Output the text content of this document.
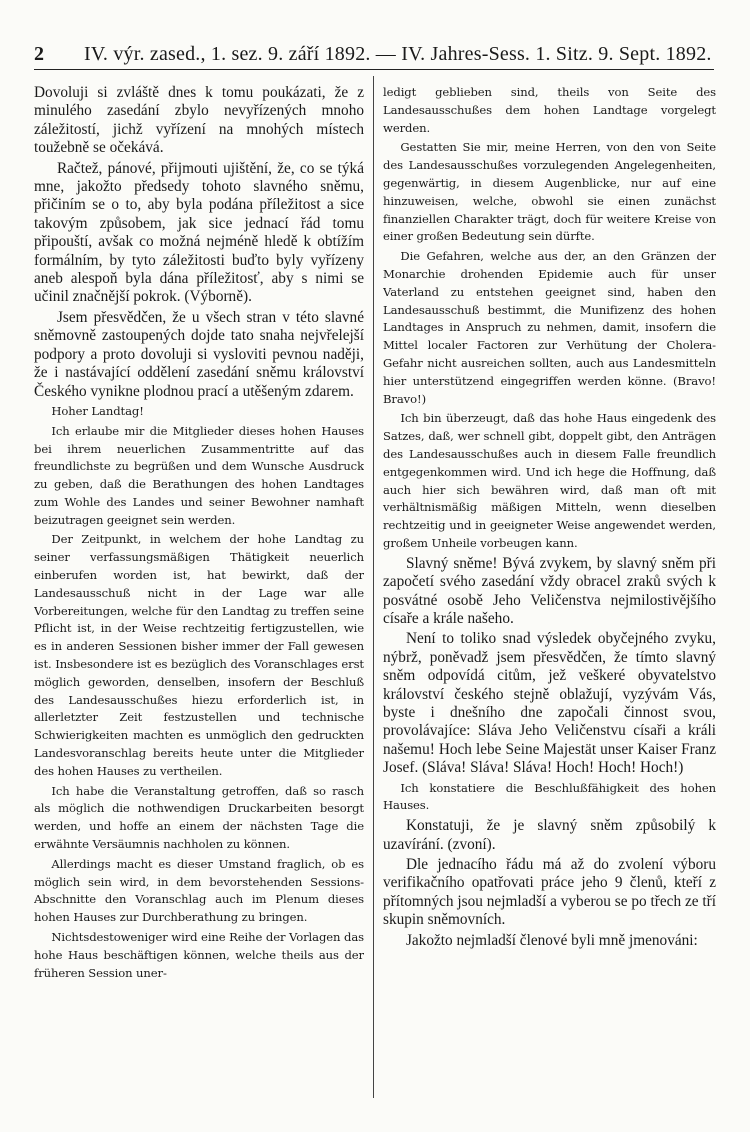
2 IV. výr. zased., 1. sez. 9. září 1892. — IV. Jahres-Sess. 1. Sitz. 9. Sept. 1892.

Dovoluji si zvláště dnes k tomu poukázati, že z minulého zasedání zbylo nevyřízených mnoho záležitostí, jichž vyřízení na mnohých místech toužebně se očekává.

Račtež, pánové, přijmouti ujištění, že, co se týká mne, jakožto předsedy tohoto slavného sněmu, přičiním se o to, aby byla podána příležitost a sice takovým způsobem, jak sice jednací řád tomu připouští, avšak co možná nejméně hledě k obtížím formálním, by tyto záležitosti buďto byly vyřízeny aneb alespoň byla dána příležitosť, aby s nimi se učinil značnější pokrok. (Výborně).

Jsem přesvědčen, že u všech stran v této slavné sněmovně zastoupených dojde tato snaha nejvřelejší podpory a proto dovoluji si vysloviti pevnou naději, že i nastávající oddělení zasedání sněmu království Českého vynikne plodnou prací a utěšeným zdarem.

Hoher Landtag!

Ich erlaube mir die Mitglieder dieses hohen Hauses bei ihrem neuerlichen Zusammentritte auf das freundlichste zu begrüßen und dem Wunsche Ausdruck zu geben, daß die Berathungen des hohen Landtages zum Wohle des Landes und seiner Bewohner namhaft beizutragen geeignet sein werden.

Der Zeitpunkt, in welchem der hohe Landtag zu seiner verfassungsmäßigen Thätigkeit neuerlich einberufen worden ist, hat bewirkt, daß der Landesausschuß nicht in der Lage war alle Vorbereitungen, welche für den Landtag zu treffen seine Pflicht ist, in der Weise rechtzeitig fertigzustellen, wie es in anderen Sessionen bisher immer der Fall gewesen ist. Insbesondere ist es bezüglich des Voranschlages erst möglich geworden, denselben, insofern der Beschluß des Landesausschußes hiezu erforderlich ist, in allerletzter Zeit festzustellen und technische Schwierigkeiten machten es unmöglich den gedruckten Landesvoranschlag bereits heute unter die Mitglieder des hohen Hauses zu vertheilen.

Ich habe die Veranstaltung getroffen, daß so rasch als möglich die nothwendigen Druckarbeiten besorgt werden, und hoffe an einem der nächsten Tage die erwähnte Versäumnis nachholen zu können.

Allerdings macht es dieser Umstand fraglich, ob es möglich sein wird, in dem bevorstehenden Sessions-Abschnitte den Voranschlag auch im Plenum dieses hohen Hauses zur Durchberathung zu bringen.

Nichtsdestoweniger wird eine Reihe der Vorlagen das hohe Haus beschäftigen können, welche theils aus der früheren Session uner-

ledigt geblieben sind, theils von Seite des Landesausschußes dem hohen Landtage vorgelegt werden.

Gestatten Sie mir, meine Herren, von den von Seite des Landesausschußes vorzulegenden Angelegenheiten, gegenwärtig, in diesem Augenblicke, nur auf eine hinzuweisen, welche, obwohl sie einen zunächst finanziellen Charakter trägt, doch für weitere Kreise von einer großen Bedeutung sein dürfte.

Die Gefahren, welche aus der, an den Gränzen der Monarchie drohenden Epidemie auch für unser Vaterland zu entstehen geeignet sind, haben den Landesausschuß bestimmt, die Munifizenz des hohen Landtages in Anspruch zu nehmen, damit, insofern die Mittel localer Factoren zur Verhütung der Cholera-Gefahr nicht ausreichen sollten, auch aus Landesmitteln hier unterstützend eingegriffen werden könne. (Bravo! Bravo!)

Ich bin überzeugt, daß das hohe Haus eingedenk des Satzes, daß, wer schnell gibt, doppelt gibt, den Anträgen des Landesausschußes auch in diesem Falle freundlich entgegenkommen wird. Und ich hege die Hoffnung, daß auch hier sich bewähren wird, daß man oft mit verhältnismäßig mäßigen Mitteln, wenn dieselben rechtzeitig und in geeigneter Weise angewendet werden, großem Unheile vorbeugen kann.

Slavný sněme! Bývá zvykem, by slavný sněm při započetí svého zasedání vždy obracel zraků svých k posvátné osobě Jeho Veličenstva nejmilostivějšího císaře a krále našeho.

Není to toliko snad výsledek obyčejného zvyku, nýbrž, poněvadž jsem přesvědčen, že tímto slavný sněm odpovídá citům, jež veškeré obyvatelstvo království českého stejně oblažují, vyzývám Vás, byste i dnešního dne započali činnost svou, provolávajíce: Sláva Jeho Veličenstvu císaři a králi našemu! Hoch lebe Seine Majestät unser Kaiser Franz Josef. (Sláva! Sláva! Sláva! Hoch! Hoch! Hoch!)

Ich konstatiere die Beschlußfähigkeit des hohen Hauses.

Konstatuji, že je slavný sněm způsobilý k uzavírání. (zvoní).

Dle jednacího řádu má až do zvolení výboru verifikačního opatřovati práce jeho 9 členů, kteří z přítomných jsou nejmladší a vyberou se po třech ze tří skupin sněmovních.

Jakožto nejmladší členové byli mně jmenováni:
